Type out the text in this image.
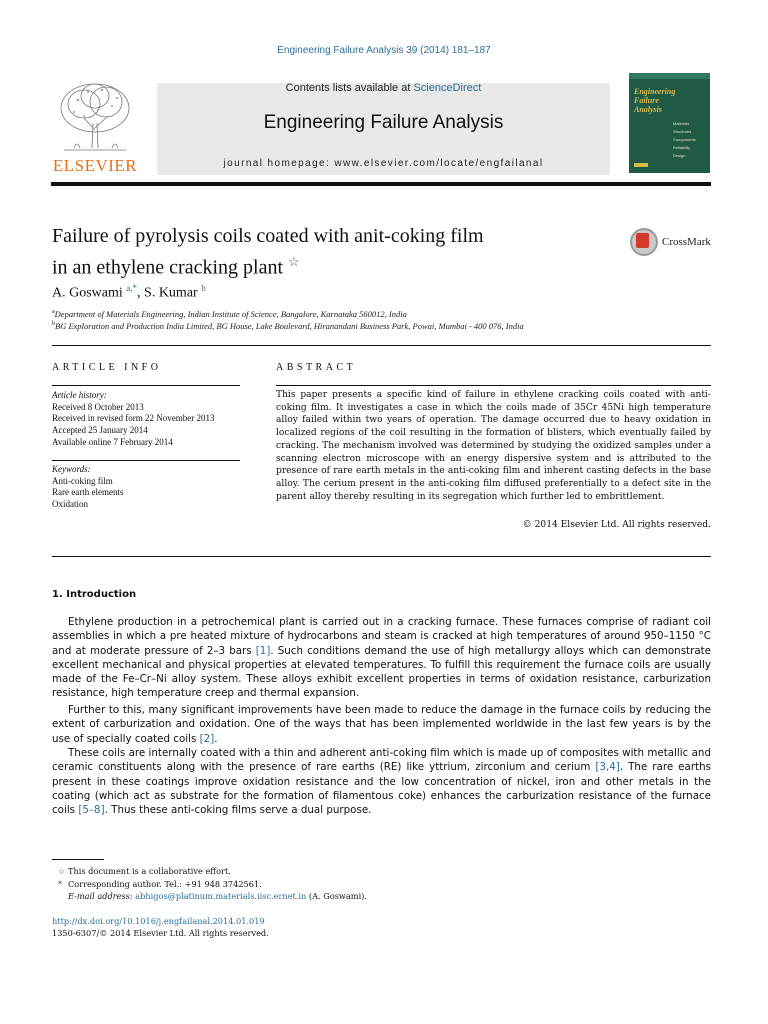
Engineering Failure Analysis 39 (2014) 181–187
ELSEVIER
Contents lists available at ScienceDirect
Engineering Failure Analysis
journal homepage: www.elsevier.com/locate/engfailanal
Engineering
Failure
Analysis
Materials
Structures
Components
Reliability
Design
Failure of pyrolysis coils coated with anit-coking film
in an ethylene cracking plant ☆
CrossMark
A. Goswami $^{a,*}$, S. Kumar $^b$
$^a$Department of Materials Engineering, Indian Institute of Science, Bangalore, Karnataka 560012, India
$^b$BG Exploration and Production India Limited, BG House, Lake Boulevard, Hiranandani Business Park, Powai, Mumbai - 400 076, India
ARTICLE INFO	ABSTRACT
Article history:
Received 8 October 2013
Received in revised form 22 November 2013
Accepted 25 January 2014
Available online 7 February 2014
Keywords:
Anti-coking film
Rare earth elements
Oxidation
This paper presents a specific kind of failure in ethylene cracking coils coated with anti-coking film. It investigates a case in which the coils made of 35Cr 45Ni high temperature alloy failed within two years of operation. The damage occurred due to heavy oxidation in localized regions of the coil resulting in the formation of blisters, which eventually failed by cracking. The mechanism involved was determined by studying the oxidized samples under a scanning electron microscope with an energy dispersive system and is attributed to the presence of rare earth metals in the anti-coking film and inherent casting defects in the base alloy. The cerium present in the anti-coking film diffused preferentially to a defect site in the parent alloy thereby resulting in its segregation which further led to embrittlement.
© 2014 Elsevier Ltd. All rights reserved.
1. Introduction
Ethylene production in a petrochemical plant is carried out in a cracking furnace. These furnaces comprise of radiant coil assemblies in which a pre heated mixture of hydrocarbons and steam is cracked at high temperatures of around 950–1150 °C and at moderate pressure of 2–3 bars [1]. Such conditions demand the use of high metallurgy alloys which can demonstrate excellent mechanical and physical properties at elevated temperatures. To fulfill this requirement the furnace coils are usually made of the Fe–Cr–Ni alloy system. These alloys exhibit excellent properties in terms of oxidation resistance, carburization resistance, high temperature creep and thermal expansion.
Further to this, many significant improvements have been made to reduce the damage in the furnace coils by reducing the extent of carburization and oxidation. One of the ways that has been implemented worldwide in the last few years is by the use of specially coated coils [2].
These coils are internally coated with a thin and adherent anti-coking film which is made up of composites with metallic and ceramic constituents along with the presence of rare earths (RE) like yttrium, zirconium and cerium [3,4]. The rare earths present in these coatings improve oxidation resistance and the low concentration of nickel, iron and other metals in the coating (which act as substrate for the formation of filamentous coke) enhances the carburization resistance of the furnace coils [5–8]. Thus these anti-coking films serve a dual purpose.
☆ This document is a collaborative effort.
* Corresponding author. Tel.: +91 948 3742561.
E-mail address: abhigos@platinum.materials.iisc.ernet.in (A. Goswami).
http://dx.doi.org/10.1016/j.engfailanal.2014.01.019
1350-6307/© 2014 Elsevier Ltd. All rights reserved.
